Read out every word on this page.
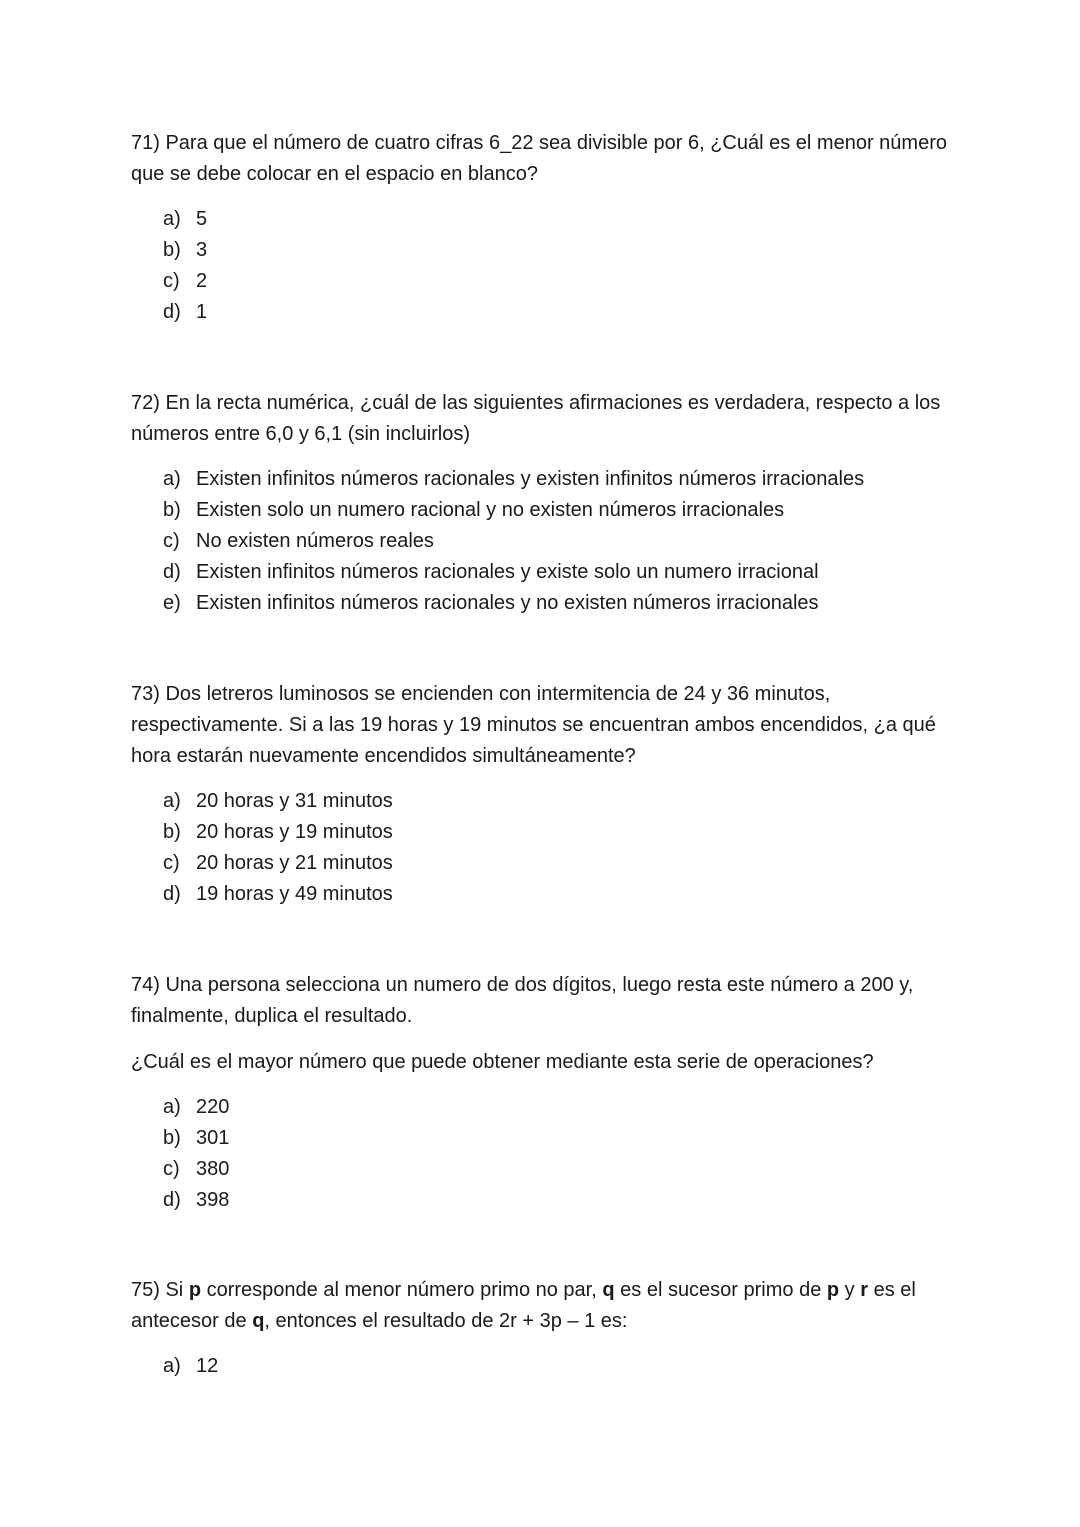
71) Para que el número de cuatro cifras 6_22 sea divisible por 6, ¿Cuál es el menor número que se debe colocar en el espacio en blanco?

a) 5
b) 3
c) 2
d) 1

72) En la recta numérica, ¿cuál de las siguientes afirmaciones es verdadera, respecto a los números entre 6,0 y 6,1 (sin incluirlos)

a) Existen infinitos números racionales y existen infinitos números irracionales
b) Existen solo un numero racional y no existen números irracionales
c) No existen números reales
d) Existen infinitos números racionales y existe solo un numero irracional
e) Existen infinitos números racionales y no existen números irracionales

73) Dos letreros luminosos se encienden con intermitencia de 24 y 36 minutos, respectivamente. Si a las 19 horas y 19 minutos se encuentran ambos encendidos, ¿a qué hora estarán nuevamente encendidos simultáneamente?

a) 20 horas y 31 minutos
b) 20 horas y 19 minutos
c) 20 horas y 21 minutos
d) 19 horas y 49 minutos

74) Una persona selecciona un numero de dos dígitos, luego resta este número a 200 y, finalmente, duplica el resultado.

¿Cuál es el mayor número que puede obtener mediante esta serie de operaciones?

a) 220
b) 301
c) 380
d) 398

75) Si p corresponde al menor número primo no par, q es el sucesor primo de p y r es el antecesor de q, entonces el resultado de 2r + 3p – 1 es:

a) 12
